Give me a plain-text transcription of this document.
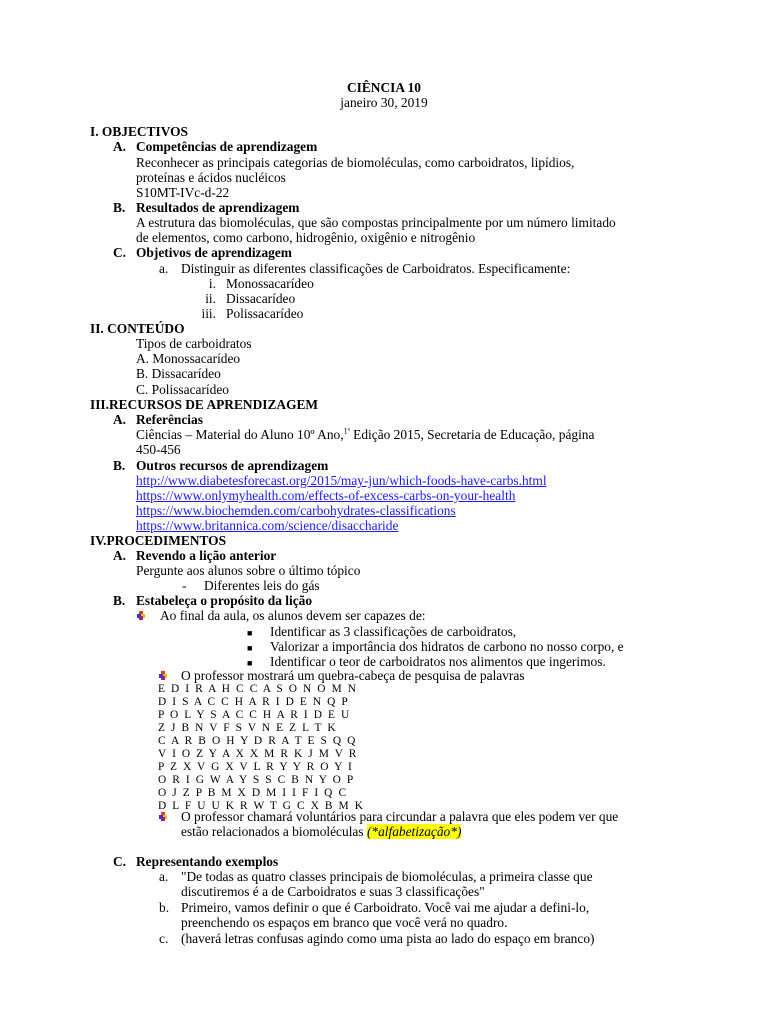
CIÊNCIA 10
janeiro 30, 2019
I. OBJECTIVOS
A. Competências de aprendizagem
Reconhecer as principais categorias de biomoléculas, como carboidratos, lipídios,
proteínas e ácidos nucléicos
S10MT-IVc-d-22
B. Resultados de aprendizagem
A estrutura das biomoléculas, que são compostas principalmente por um número limitado
de elementos, como carbono, hidrogênio, oxigênio e nitrogênio
C. Objetivos de aprendizagem
a. Distinguir as diferentes classificações de Carboidratos. Especificamente:
i. Monossacarídeo
ii. Dissacarídeo
iii. Polissacarídeo
II. CONTEÚDO
Tipos de carboidratos
A. Monossacarídeo
B. Dissacarídeo
C. Polissacarídeo
III.RECURSOS DE APRENDIZAGEM
A. Referências
Ciências – Material do Aluno 10º Ano,$^{1ª}$ Edição 2015, Secretaria de Educação, página
450-456
B. Outros recursos de aprendizagem
http://www.diabetesforecast.org/2015/may-jun/which-foods-have-carbs.html
https://www.onlymyhealth.com/effects-of-excess-carbs-on-your-health
https://www.biochemden.com/carbohydrates-classifications
https://www.britannica.com/science/disaccharide
IV.PROCEDIMENTOS
A. Revendo a lição anterior
Pergunte aos alunos sobre o último tópico
- Diferentes leis do gás
B. Estabeleça o propósito da lição
Ao final da aula, os alunos devem ser capazes de:
■ Identificar as 3 classificações de carboidratos,
■ Valorizar a importância dos hidratos de carbono no nosso corpo, e
■ Identificar o teor de carboidratos nos alimentos que ingerimos.
O professor mostrará um quebra-cabeça de pesquisa de palavras
E D I R A H C C A S O N O M N
D I S A C C H A R I D E N Q P
P O L Y S A C C H A R I D E U
Z J B N V F S V N E Z L T K
C A R B O H Y D R A T E S Q Q
V I O Z Y A X X M R K J M V R
P Z X V G X V L R Y Y R O Y I
O R I G W A Y S S C B N Y O P
O J Z P B M X D M I I F I Q C
D L F U U K R W T G C X B M K
O professor chamará voluntários para circundar a palavra que eles podem ver que
estão relacionados a biomoléculas (*alfabetização*)
C. Representando exemplos
a. "De todas as quatro classes principais de biomoléculas, a primeira classe que
discutiremos é a de Carboidratos e suas 3 classificações"
b. Primeiro, vamos definir o que é Carboidrato. Você vai me ajudar a defini-lo,
preenchendo os espaços em branco que você verá no quadro.
c. (haverá letras confusas agindo como uma pista ao lado do espaço em branco)
